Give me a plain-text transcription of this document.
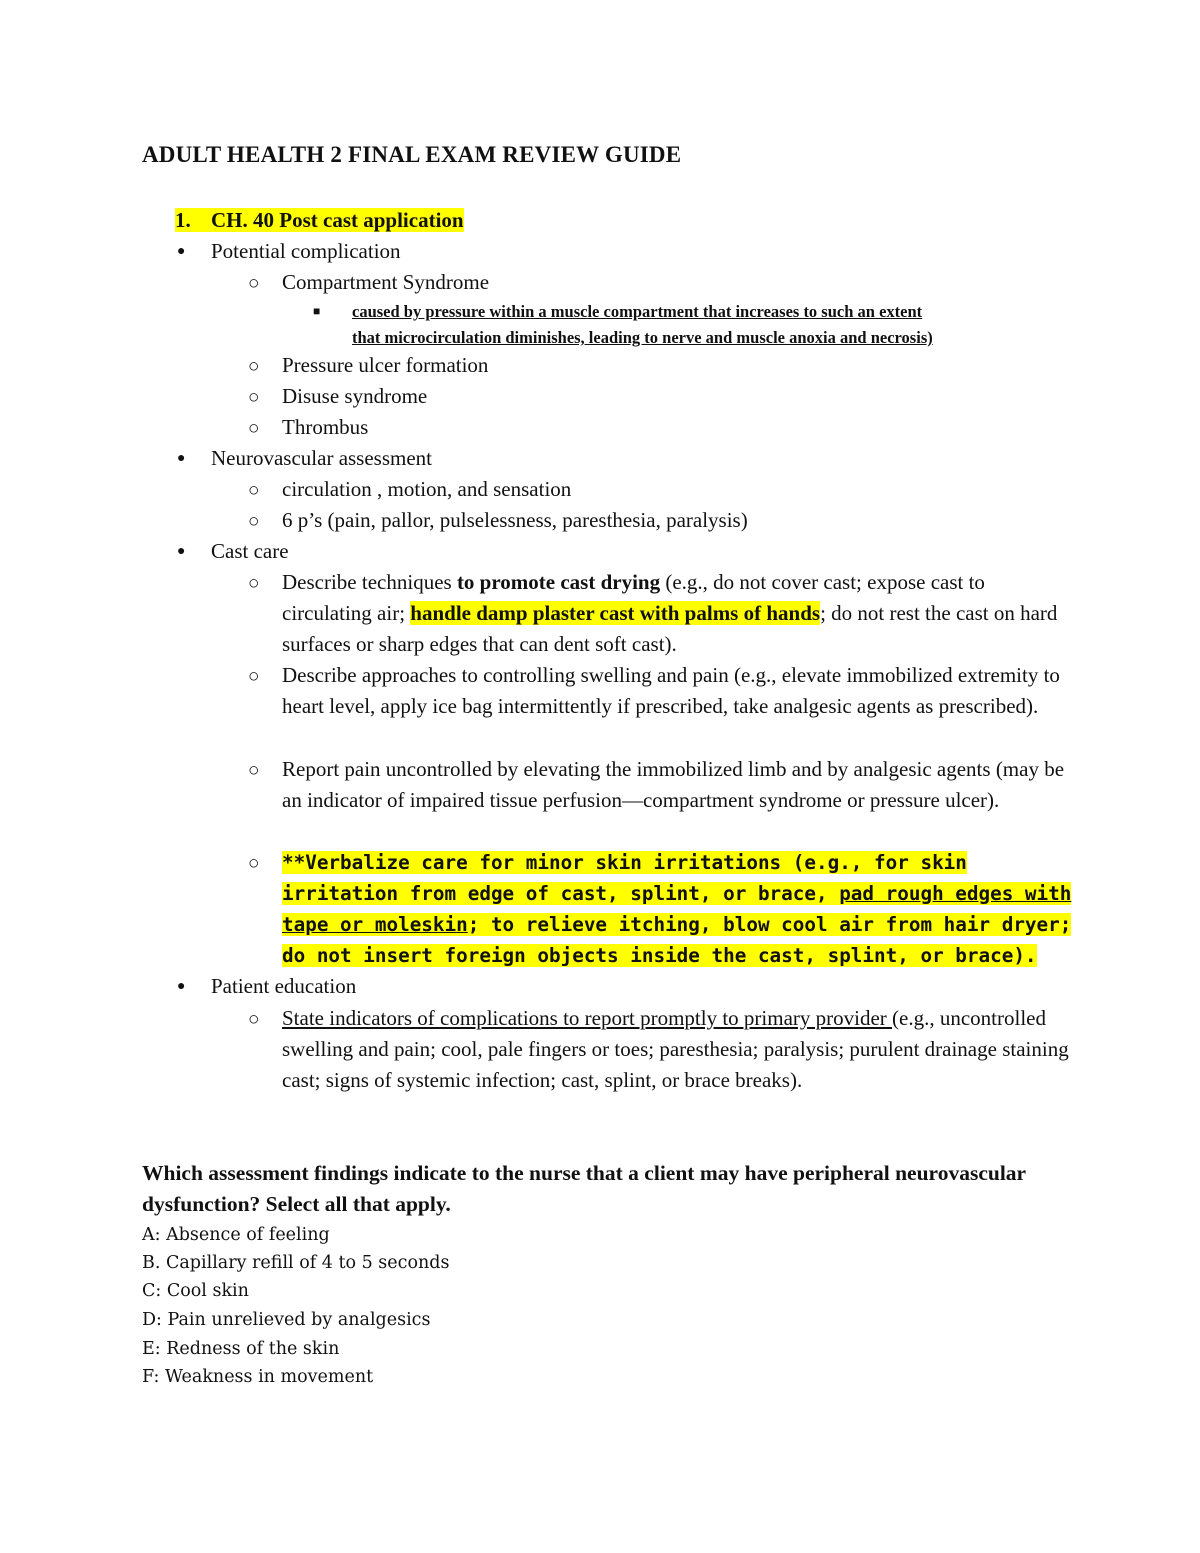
ADULT HEALTH 2 FINAL EXAM REVIEW GUIDE
1. CH. 40 Post cast application
● Potential complication
○ Compartment Syndrome
■ caused by pressure within a muscle compartment that increases to such an extent
that microcirculation diminishes, leading to nerve and muscle anoxia and necrosis)
○ Pressure ulcer formation
○ Disuse syndrome
○ Thrombus
● Neurovascular assessment
○ circulation , motion, and sensation
○ 6 p’s (pain, pallor, pulselessness, paresthesia, paralysis)
● Cast care
○ Describe techniques to promote cast drying (e.g., do not cover cast; expose cast to circulating air; handle damp plaster cast with palms of hands; do not rest the cast on hard surfaces or sharp edges that can dent soft cast).
○ Describe approaches to controlling swelling and pain (e.g., elevate immobilized extremity to heart level, apply ice bag intermittently if prescribed, take analgesic agents as prescribed).
○ Report pain uncontrolled by elevating the immobilized limb and by analgesic agents (may be an indicator of impaired tissue perfusion—compartment syndrome or pressure ulcer).
○ **Verbalize care for minor skin irritations (e.g., for skin irritation from edge of cast, splint, or brace, pad rough edges with tape or moleskin; to relieve itching, blow cool air from hair dryer; do not insert foreign objects inside the cast, splint, or brace).
● Patient education
○ State indicators of complications to report promptly to primary provider (e.g., uncontrolled swelling and pain; cool, pale fingers or toes; paresthesia; paralysis; purulent drainage staining cast; signs of systemic infection; cast, splint, or brace breaks).
Which assessment findings indicate to the nurse that a client may have peripheral neurovascular dysfunction? Select all that apply.
A: Absence of feeling
B. Capillary refill of 4 to 5 seconds
C: Cool skin
D: Pain unrelieved by analgesics
E: Redness of the skin
F: Weakness in movement
